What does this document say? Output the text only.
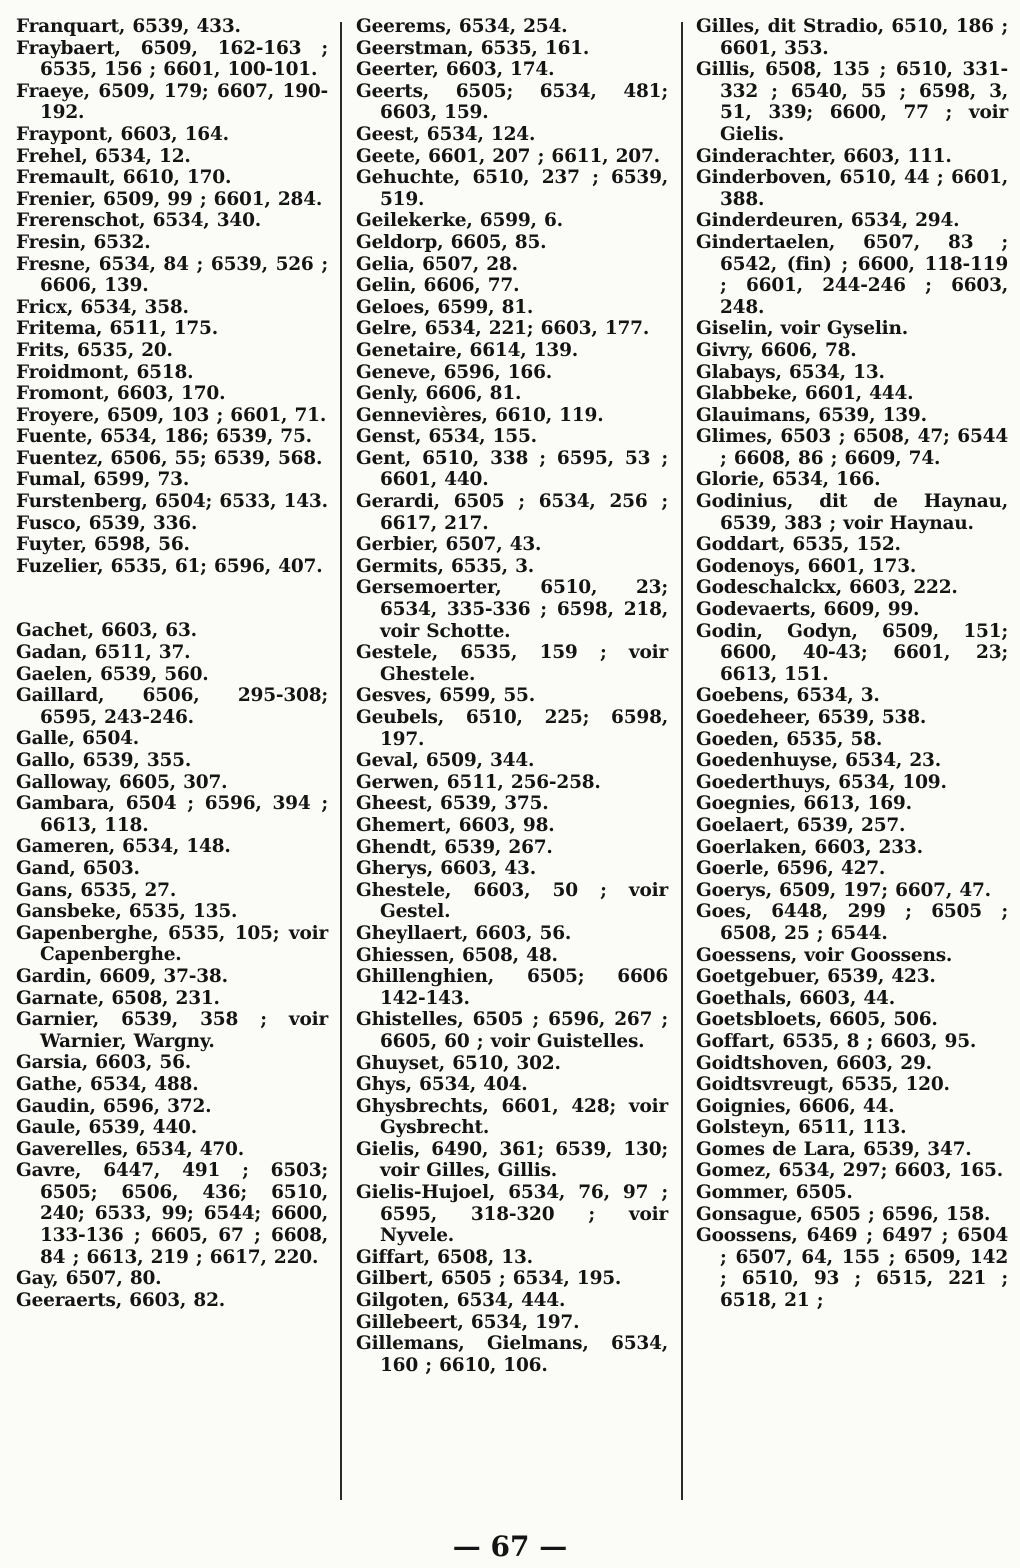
Franquart, 6539, 433.
Fraybaert, 6509, 162-163 ; 6535, 156 ; 6601, 100-101.
Fraeye, 6509, 179; 6607, 190-192.
Fraypont, 6603, 164.
Frehel, 6534, 12.
Fremault, 6610, 170.
Frenier, 6509, 99 ; 6601, 284.
Frerenschot, 6534, 340.
Fresin, 6532.
Fresne, 6534, 84 ; 6539, 526 ; 6606, 139.
Fricx, 6534, 358.
Fritema, 6511, 175.
Frits, 6535, 20.
Froidmont, 6518.
Fromont, 6603, 170.
Froyere, 6509, 103 ; 6601, 71.
Fuente, 6534, 186; 6539, 75.
Fuentez, 6506, 55; 6539, 568.
Fumal, 6599, 73.
Furstenberg, 6504; 6533, 143.
Fusco, 6539, 336.
Fuyter, 6598, 56.
Fuzelier, 6535, 61; 6596, 407.
Gachet, 6603, 63.
Gadan, 6511, 37.
Gaelen, 6539, 560.
Gaillard, 6506, 295-308; 6595, 243-246.
Galle, 6504.
Gallo, 6539, 355.
Galloway, 6605, 307.
Gambara, 6504 ; 6596, 394 ; 6613, 118.
Gameren, 6534, 148.
Gand, 6503.
Gans, 6535, 27.
Gansbeke, 6535, 135.
Gapenberghe, 6535, 105; voir Capenberghe.
Gardin, 6609, 37-38.
Garnate, 6508, 231.
Garnier, 6539, 358 ; voir Warnier, Wargny.
Garsia, 6603, 56.
Gathe, 6534, 488.
Gaudin, 6596, 372.
Gaule, 6539, 440.
Gaverelles, 6534, 470.
Gavre, 6447, 491 ; 6503; 6505; 6506, 436; 6510, 240; 6533, 99; 6544; 6600, 133-136 ; 6605, 67 ; 6608, 84 ; 6613, 219 ; 6617, 220.
Gay, 6507, 80.
Geeraerts, 6603, 82.
Geerems, 6534, 254.
Geerstman, 6535, 161.
Geerter, 6603, 174.
Geerts, 6505; 6534, 481; 6603, 159.
Geest, 6534, 124.
Geete, 6601, 207 ; 6611, 207.
Gehuchte, 6510, 237 ; 6539, 519.
Geilekerke, 6599, 6.
Geldorp, 6605, 85.
Gelia, 6507, 28.
Gelin, 6606, 77.
Geloes, 6599, 81.
Gelre, 6534, 221; 6603, 177.
Genetaire, 6614, 139.
Geneve, 6596, 166.
Genly, 6606, 81.
Gennevières, 6610, 119.
Genst, 6534, 155.
Gent, 6510, 338 ; 6595, 53 ; 6601, 440.
Gerardi, 6505 ; 6534, 256 ; 6617, 217.
Gerbier, 6507, 43.
Germits, 6535, 3.
Gersemoerter, 6510, 23; 6534, 335-336 ; 6598, 218, voir Schotte.
Gestele, 6535, 159 ; voir Ghestele.
Gesves, 6599, 55.
Geubels, 6510, 225; 6598, 197.
Geval, 6509, 344.
Gerwen, 6511, 256-258.
Gheest, 6539, 375.
Ghemert, 6603, 98.
Ghendt, 6539, 267.
Gherys, 6603, 43.
Ghestele, 6603, 50 ; voir Gestel.
Gheyllaert, 6603, 56.
Ghiessen, 6508, 48.
Ghillenghien, 6505; 6606 142-143.
Ghistelles, 6505 ; 6596, 267 ; 6605, 60 ; voir Guistelles.
Ghuyset, 6510, 302.
Ghys, 6534, 404.
Ghysbrechts, 6601, 428; voir Gysbrecht.
Gielis, 6490, 361; 6539, 130; voir Gilles, Gillis.
Gielis-Hujoel, 6534, 76, 97 ; 6595, 318-320 ; voir Nyvele.
Giffart, 6508, 13.
Gilbert, 6505 ; 6534, 195.
Gilgoten, 6534, 444.
Gillebeert, 6534, 197.
Gillemans, Gielmans, 6534, 160 ; 6610, 106.
Gilles, dit Stradio, 6510, 186 ; 6601, 353.
Gillis, 6508, 135 ; 6510, 331-332 ; 6540, 55 ; 6598, 3, 51, 339; 6600, 77 ; voir Gielis.
Ginderachter, 6603, 111.
Ginderboven, 6510, 44 ; 6601, 388.
Ginderdeuren, 6534, 294.
Gindertaelen, 6507, 83 ; 6542, (fin) ; 6600, 118-119 ; 6601, 244-246 ; 6603, 248.
Giselin, voir Gyselin.
Givry, 6606, 78.
Glabays, 6534, 13.
Glabbeke, 6601, 444.
Glauimans, 6539, 139.
Glimes, 6503 ; 6508, 47; 6544 ; 6608, 86 ; 6609, 74.
Glorie, 6534, 166.
Godinius, dit de Haynau, 6539, 383 ; voir Haynau.
Goddart, 6535, 152.
Godenoys, 6601, 173.
Godeschalckx, 6603, 222.
Godevaerts, 6609, 99.
Godin, Godyn, 6509, 151; 6600, 40-43; 6601, 23; 6613, 151.
Goebens, 6534, 3.
Goedeheer, 6539, 538.
Goeden, 6535, 58.
Goedenhuyse, 6534, 23.
Goederthuys, 6534, 109.
Goegnies, 6613, 169.
Goelaert, 6539, 257.
Goerlaken, 6603, 233.
Goerle, 6596, 427.
Goerys, 6509, 197; 6607, 47.
Goes, 6448, 299 ; 6505 ; 6508, 25 ; 6544.
Goessens, voir Goossens.
Goetgebuer, 6539, 423.
Goethals, 6603, 44.
Goetsbloets, 6605, 506.
Goffart, 6535, 8 ; 6603, 95.
Goidtshoven, 6603, 29.
Goidtsvreugt, 6535, 120.
Goignies, 6606, 44.
Golsteyn, 6511, 113.
Gomes de Lara, 6539, 347.
Gomez, 6534, 297; 6603, 165.
Gommer, 6505.
Gonsague, 6505 ; 6596, 158.
Goossens, 6469 ; 6497 ; 6504 ; 6507, 64, 155 ; 6509, 142 ; 6510, 93 ; 6515, 221 ; 6518, 21 ;
— 67 —
